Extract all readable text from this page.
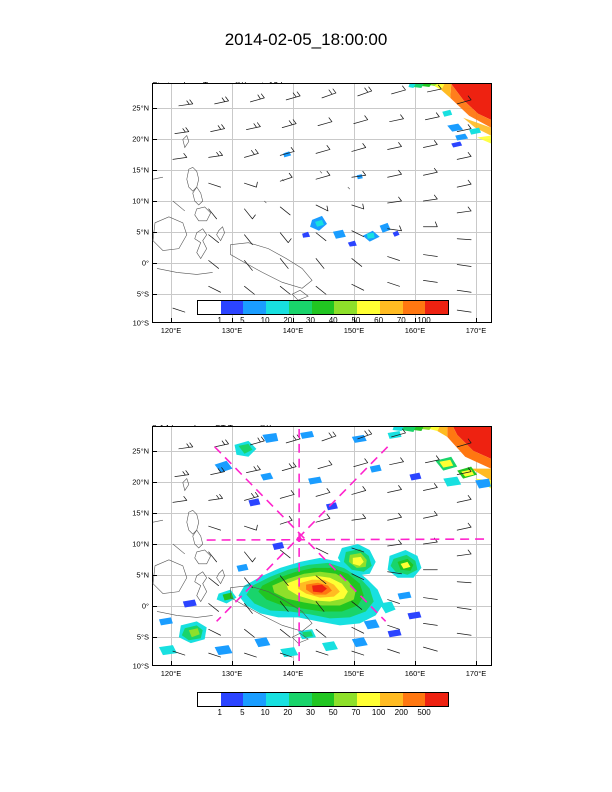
2014-02-05_18:00:00

25°N
20°N
15°N
10°N
5°N
0°
5°S
10°S
120°E	130°E	140°E	150°E	160°E	170°E
1 5 10 20 30 40 50 60 70 100

25°N
20°N
15°N
10°N
5°N
0°
5°S
10°S
120°E	130°E	140°E	150°E	160°E	170°E
1 5 10 20 30 50 70 100 200 500
